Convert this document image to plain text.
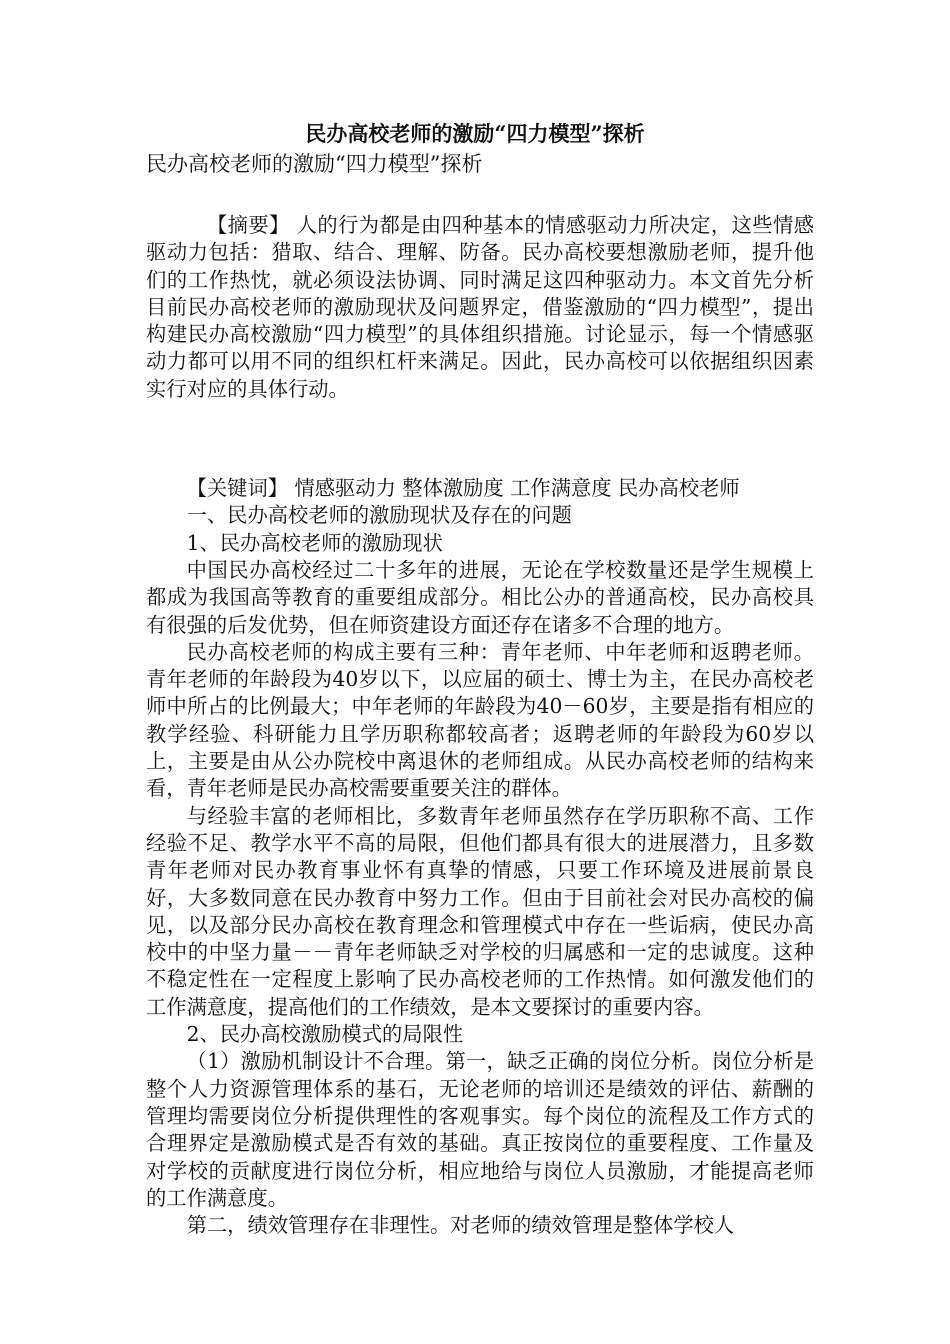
民办高校老师的激励“四力模型”探析

民办高校老师的激励“四力模型”探析

【摘要】 人的行为都是由四种基本的情感驱动力所决定，这些情感驱动力包括：猎取、结合、理解、防备。民办高校要想激励老师，提升他们的工作热忱，就必须设法协调、同时满足这四种驱动力。本文首先分析目前民办高校老师的激励现状及问题界定，借鉴激励的“四力模型”，提出构建民办高校激励“四力模型”的具体组织措施。讨论显示，每一个情感驱动力都可以用不同的组织杠杆来满足。因此，民办高校可以依据组织因素实行对应的具体行动。

【关键词】 情感驱动力 整体激励度 工作满意度 民办高校老师

一、民办高校老师的激励现状及存在的问题

1、民办高校老师的激励现状

中国民办高校经过二十多年的进展，无论在学校数量还是学生规模上都成为我国高等教育的重要组成部分。相比公办的普通高校，民办高校具有很强的后发优势，但在师资建设方面还存在诸多不合理的地方。

民办高校老师的构成主要有三种：青年老师、中年老师和返聘老师。青年老师的年龄段为40岁以下，以应届的硕士、博士为主，在民办高校老师中所占的比例最大；中年老师的年龄段为40－60岁，主要是指有相应的教学经验、科研能力且学历职称都较高者；返聘老师的年龄段为60岁以上，主要是由从公办院校中离退休的老师组成。从民办高校老师的结构来看，青年老师是民办高校需要重要关注的群体。

与经验丰富的老师相比，多数青年老师虽然存在学历职称不高、工作经验不足、教学水平不高的局限，但他们都具有很大的进展潜力，且多数青年老师对民办教育事业怀有真挚的情感，只要工作环境及进展前景良好，大多数同意在民办教育中努力工作。但由于目前社会对民办高校的偏见，以及部分民办高校在教育理念和管理模式中存在一些诟病，使民办高校中的中坚力量－－青年老师缺乏对学校的归属感和一定的忠诚度。这种不稳定性在一定程度上影响了民办高校老师的工作热情。如何激发他们的工作满意度，提高他们的工作绩效，是本文要探讨的重要内容。

2、民办高校激励模式的局限性

（1）激励机制设计不合理。第一，缺乏正确的岗位分析。岗位分析是整个人力资源管理体系的基石，无论老师的培训还是绩效的评估、薪酬的管理均需要岗位分析提供理性的客观事实。每个岗位的流程及工作方式的合理界定是激励模式是否有效的基础。真正按岗位的重要程度、工作量及对学校的贡献度进行岗位分析，相应地给与岗位人员激励，才能提高老师的工作满意度。

第二，绩效管理存在非理性。对老师的绩效管理是整体学校人
